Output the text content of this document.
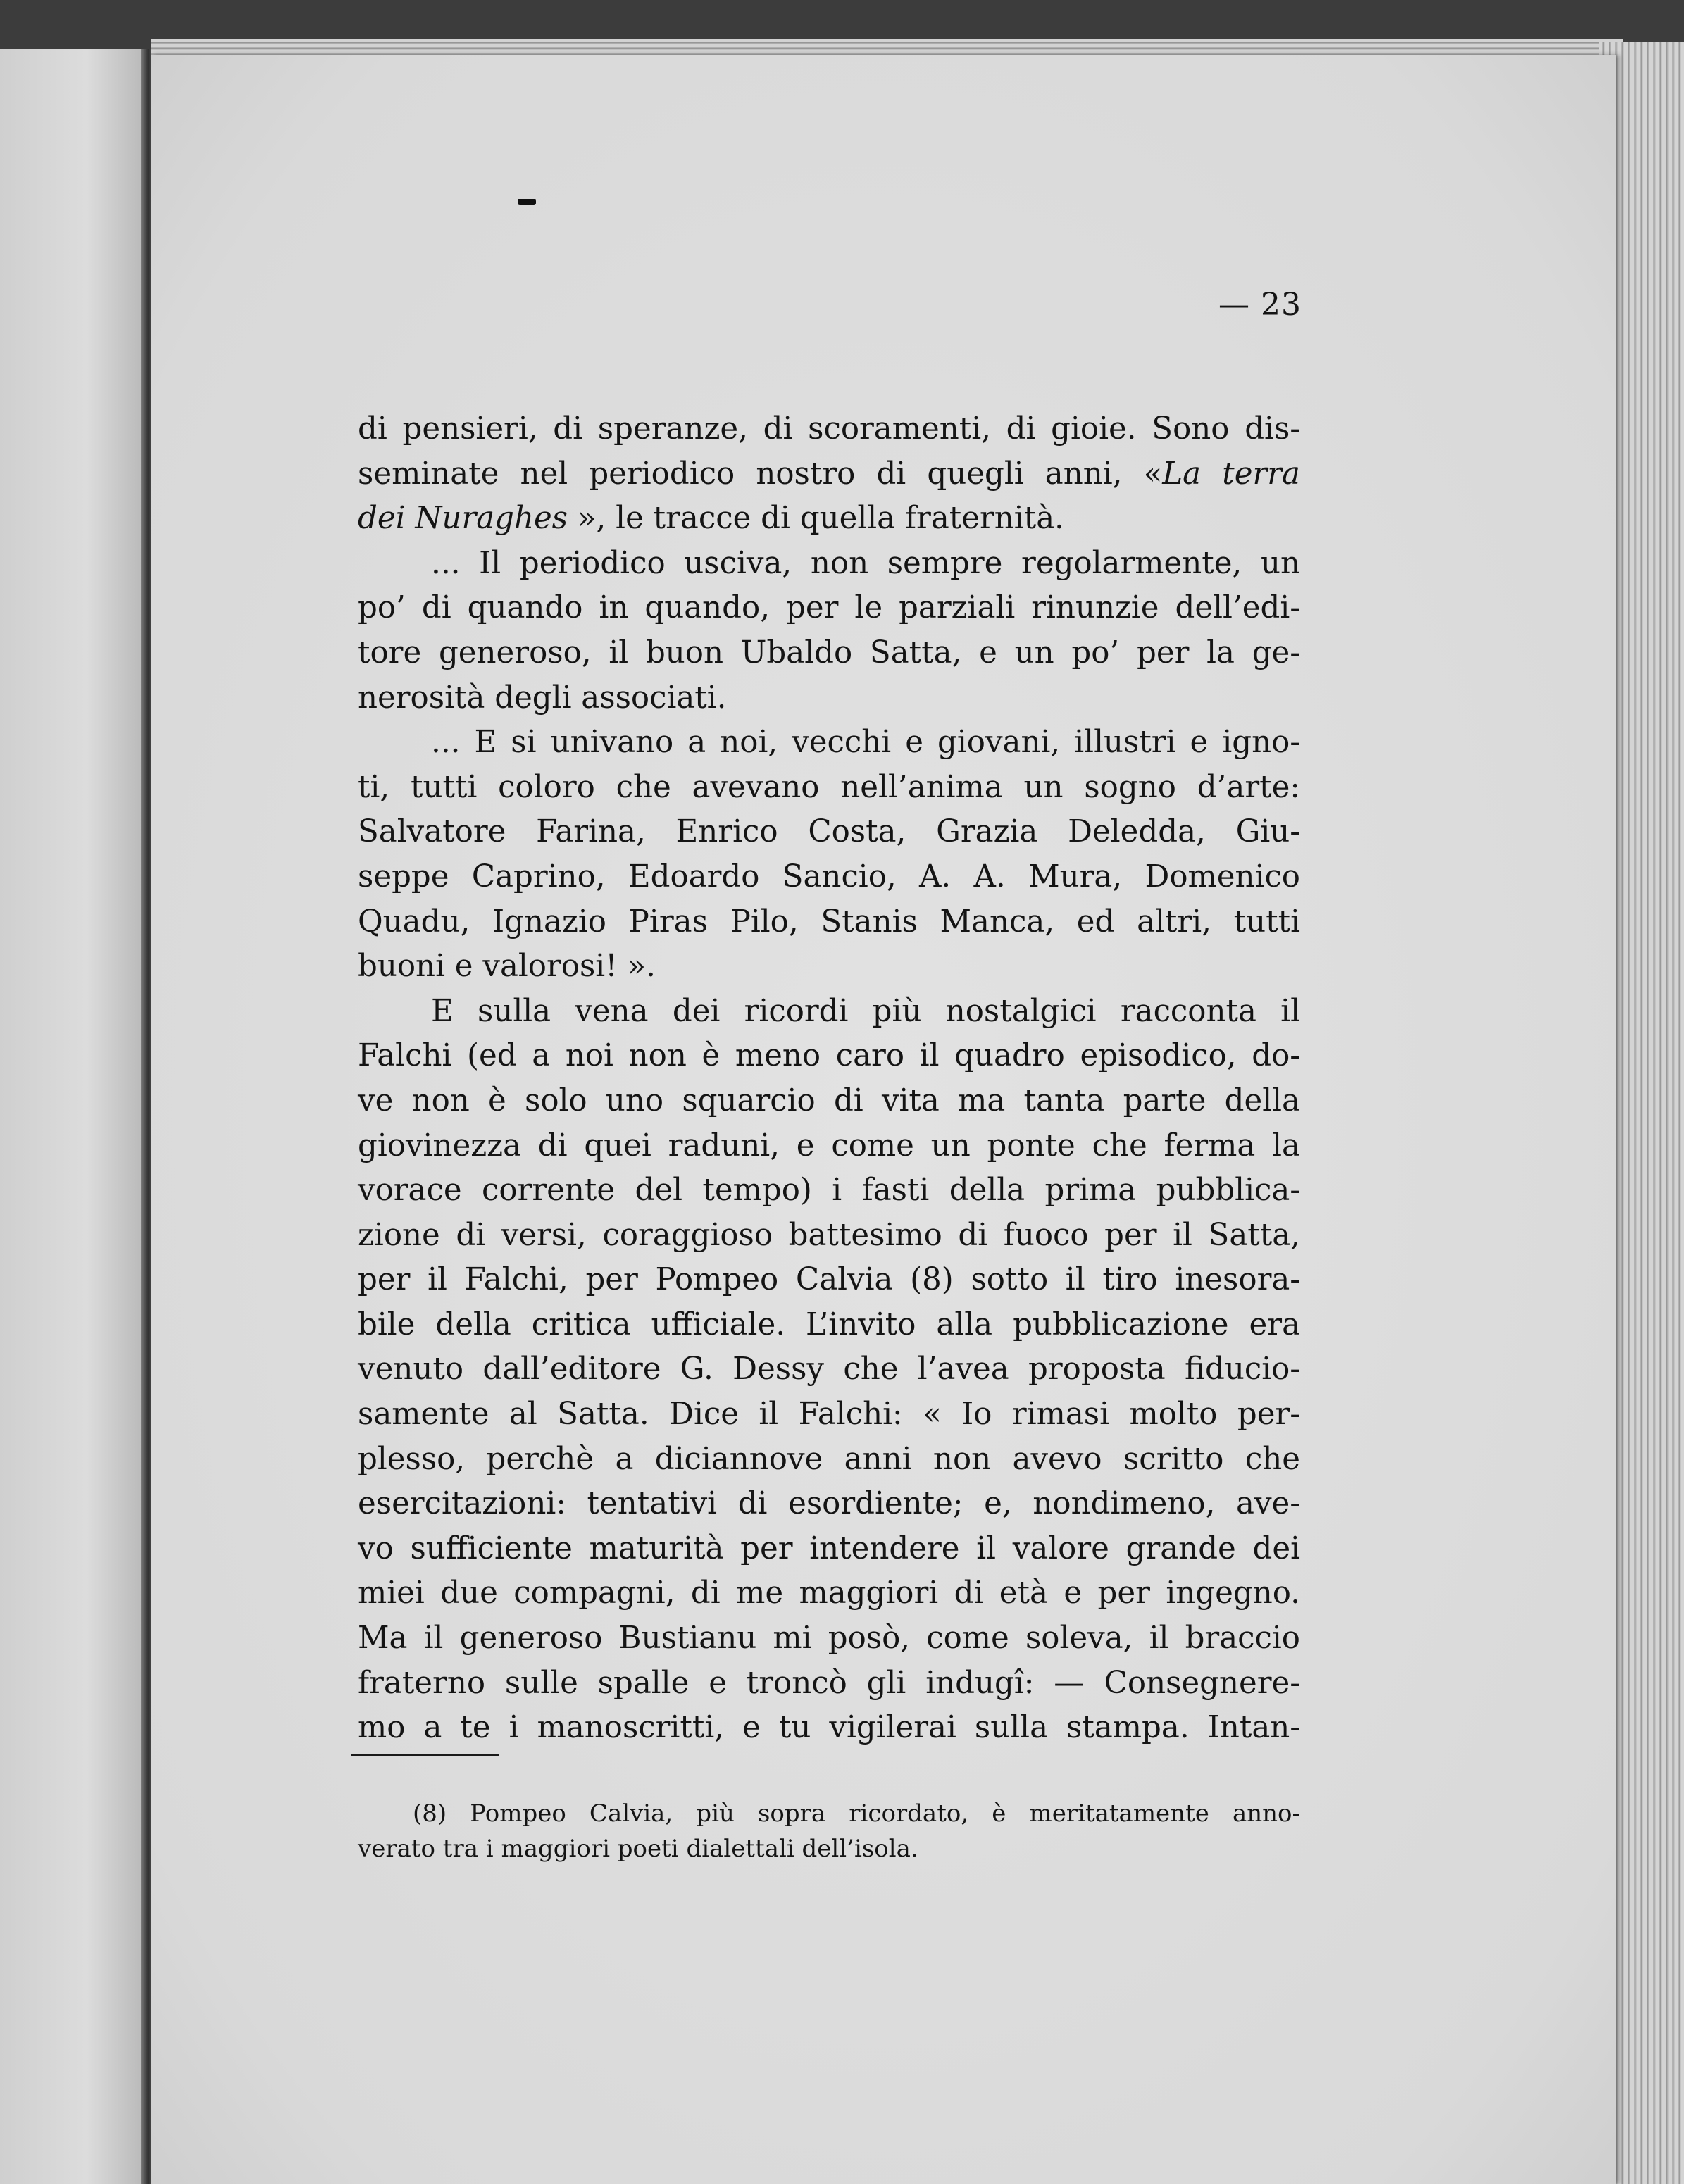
— 23
di pensieri, di speranze, di scoramenti, di gioie. Sono dis-
seminate nel periodico nostro di quegli anni, «La terra
dei Nuraghes », le tracce di quella fraternità.
... Il periodico usciva, non sempre regolarmente, un
po’ di quando in quando, per le parziali rinunzie dell’edi-
tore generoso, il buon Ubaldo Satta, e un po’ per la ge-
nerosità degli associati.
... E si univano a noi, vecchi e giovani, illustri e igno-
ti, tutti coloro che avevano nell’anima un sogno d’arte:
Salvatore Farina, Enrico Costa, Grazia Deledda, Giu-
seppe Caprino, Edoardo Sancio, A. A. Mura, Domenico
Quadu, Ignazio Piras Pilo, Stanis Manca, ed altri, tutti
buoni e valorosi! ».
E sulla vena dei ricordi più nostalgici racconta il
Falchi (ed a noi non è meno caro il quadro episodico, do-
ve non è solo uno squarcio di vita ma tanta parte della
giovinezza di quei raduni, e come un ponte che ferma la
vorace corrente del tempo) i fasti della prima pubblica-
zione di versi, coraggioso battesimo di fuoco per il Satta,
per il Falchi, per Pompeo Calvia (8) sotto il tiro inesora-
bile della critica ufficiale. L’invito alla pubblicazione era
venuto dall’editore G. Dessy che l’avea proposta fiducio-
samente al Satta. Dice il Falchi: « Io rimasi molto per-
plesso, perchè a diciannove anni non avevo scritto che
esercitazioni: tentativi di esordiente; e, nondimeno, ave-
vo sufficiente maturità per intendere il valore grande dei
miei due compagni, di me maggiori di età e per ingegno.
Ma il generoso Bustianu mi posò, come soleva, il braccio
fraterno sulle spalle e troncò gli indugî: — Consegnere-
mo a te i manoscritti, e tu vigilerai sulla stampa. Intan-
(8) Pompeo Calvia, più sopra ricordato, è meritatamente anno-
verato tra i maggiori poeti dialettali dell’isola.
